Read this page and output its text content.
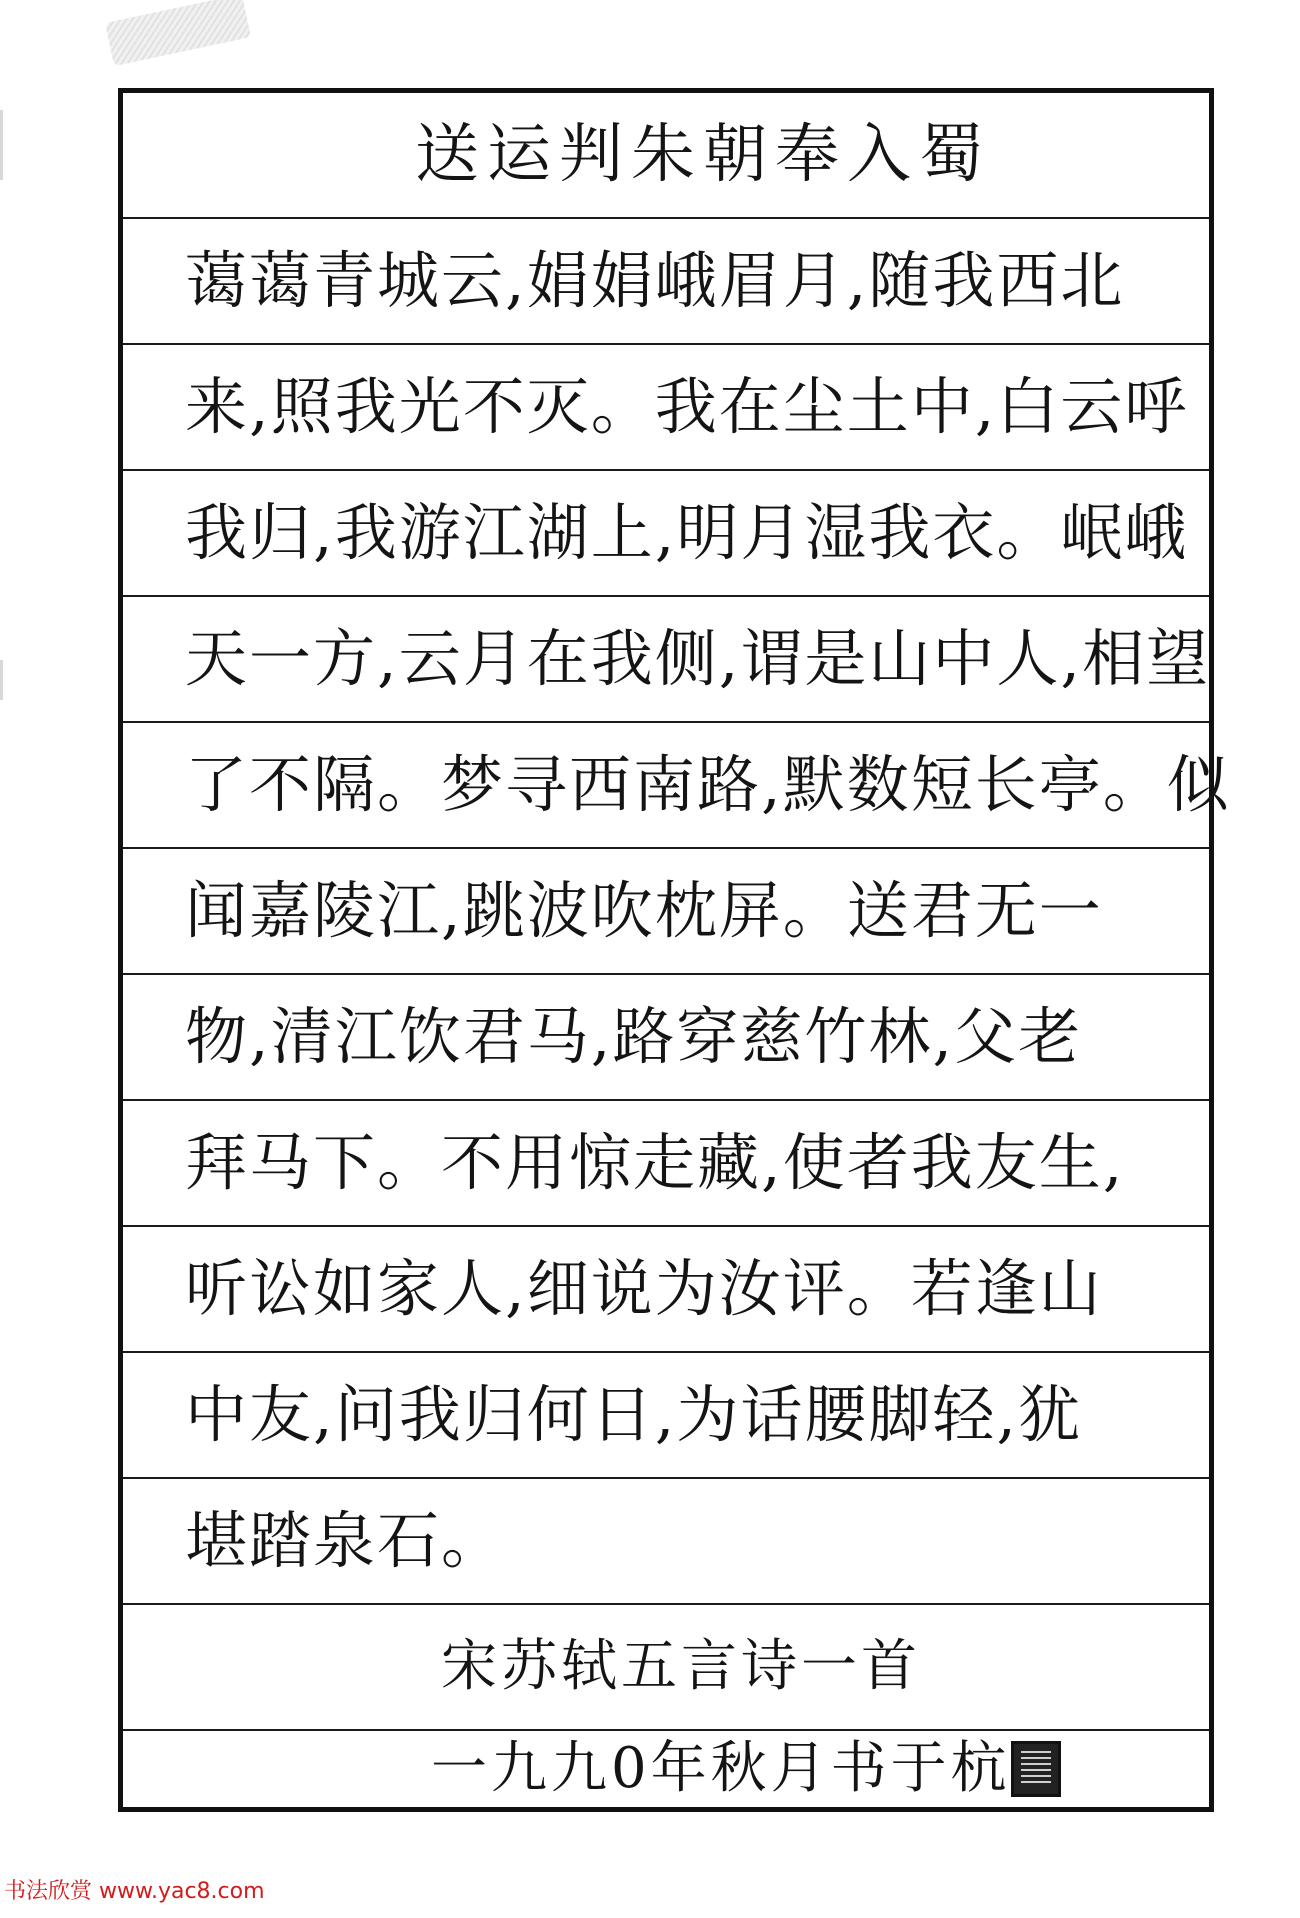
送运判朱朝奉入蜀
蔼蔼青城云,娟娟峨眉月,随我西北
来,照我光不灭。我在尘土中,白云呼
我归,我游江湖上,明月湿我衣。岷峨
天一方,云月在我侧,谓是山中人,相望
了不隔。梦寻西南路,默数短长亭。似
闻嘉陵江,跳波吹枕屏。送君无一
物,清江饮君马,路穿慈竹林,父老
拜马下。不用惊走藏,使者我友生,
听讼如家人,细说为汝评。若逢山
中友,问我归何日,为话腰脚轻,犹
堪踏泉石。
宋苏轼五言诗一首
一九九0年秋月书于杭
书法欣赏 www.yac8.com
